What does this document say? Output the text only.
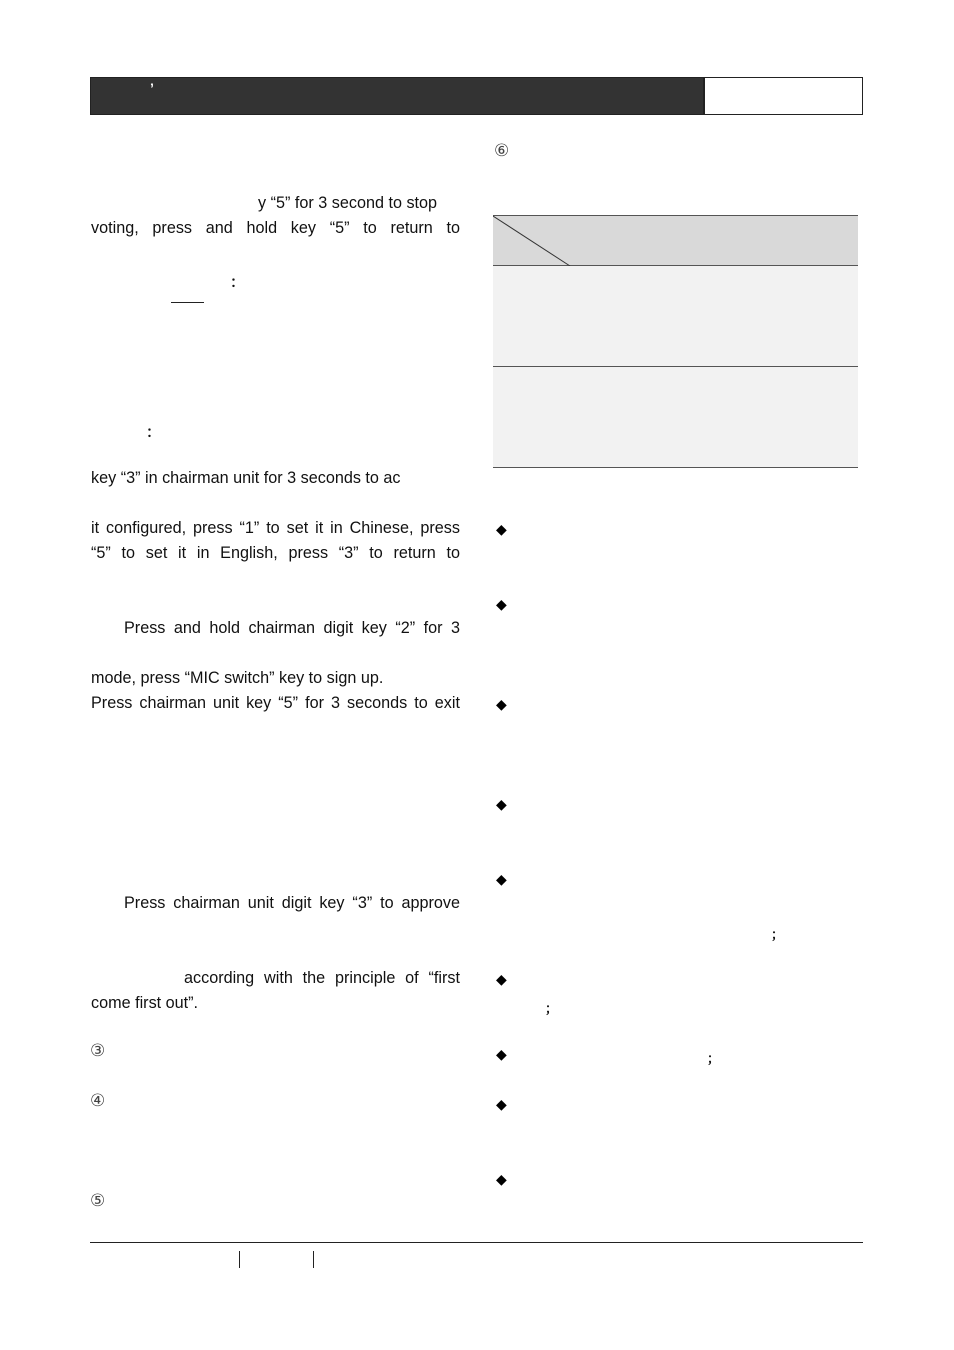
’
y “5” for 3 second to stop
voting, press and hold key “5” to return to
：
：
key “3” in chairman unit for 3 seconds to ac
it configured, press “1” to set it in Chinese, press
“5” to set it in English, press “3” to return to
Press and hold chairman digit key “2” for 3
mode, press “MIC switch” key to sign up.
Press chairman unit key “5” for 3 seconds to exit
Press chairman unit digit key “3” to approve
according with the principle of “first
come first out”.
③
④
⑤
⑥
◆
◆
◆
◆
◆
；
◆
；
◆	；
◆
◆
